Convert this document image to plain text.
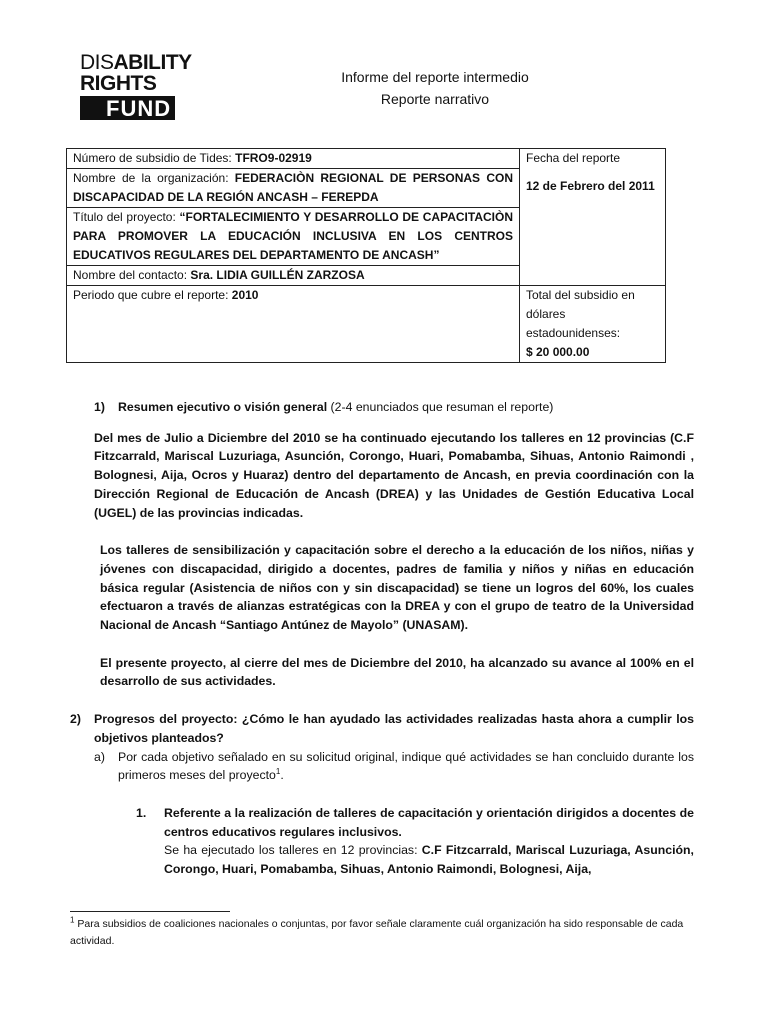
DISABILITY
RIGHTS
FUND
Informe del reporte intermedio
Reporte narrativo
Número de subsidio de Tides: TFRO9-02919	Fecha del reporte
12 de Febrero del 2011

Nombre de la organización: FEDERACIÒN REGIONAL DE PERSONAS CON DISCAPACIDAD DE LA REGIÓN ANCASH – FEREPDA	
Título del proyecto: “FORTALECIMIENTO Y DESARROLLO DE CAPACITACIÒN PARA PROMOVER LA EDUCACIÓN INCLUSIVA EN LOS CENTROS EDUCATIVOS REGULARES DEL DEPARTAMENTO DE ANCASH”	
Nombre del contacto: Sra. LIDIA GUILLÉN ZARZOSA	
Periodo que cubre el reporte: 2010	Total del subsidio en dólares estadounidenses:
$ 20 000.00
1)	Resumen ejecutivo o visión general (2-4 enunciados que resuman el reporte)

Del mes de Julio a Diciembre del 2010 se ha continuado ejecutando los talleres en 12 provincias (C.F Fitzcarrald, Mariscal Luzuriaga, Asunción, Corongo, Huari, Pomabamba, Sihuas, Antonio Raimondi , Bolognesi, Aija, Ocros y Huaraz) dentro del departamento de Ancash, en previa coordinación con la Dirección Regional de Educación de Ancash (DREA) y las Unidades de Gestión Educativa Local (UGEL) de las provincias indicadas.

Los talleres de sensibilización y capacitación sobre el derecho a la educación de los niños, niñas y jóvenes con discapacidad, dirigido a docentes, padres de familia y niños y niñas en educación básica regular (Asistencia de niños con y sin discapacidad) se tiene un logros del 60%, los cuales efectuaron a través de alianzas estratégicas con la DREA y con el grupo de teatro de la Universidad Nacional de Ancash “Santiago Antúnez de Mayolo” (UNASAM).

El presente proyecto, al cierre del mes de Diciembre del 2010, ha alcanzado su avance al 100% en el desarrollo de sus actividades.

2)	Progresos del proyecto: ¿Cómo le han ayudado las actividades realizadas hasta ahora a cumplir los objetivos planteados?

a)	Por cada objetivo señalado en su solicitud original, indique qué actividades se han concluido durante los primeros meses del proyecto$^1$.

1.	Referente a la realización de talleres de capacitación y orientación dirigidos a docentes de centros educativos regulares inclusivos.

Se ha ejecutado los talleres en 12 provincias: C.F Fitzcarrald, Mariscal Luzuriaga, Asunción, Corongo, Huari, Pomabamba, Sihuas, Antonio Raimondi, Bolognesi, Aija,

$^1$ Para subsidios de coaliciones nacionales o conjuntas, por favor señale claramente cuál organización ha sido responsable de cada actividad.
